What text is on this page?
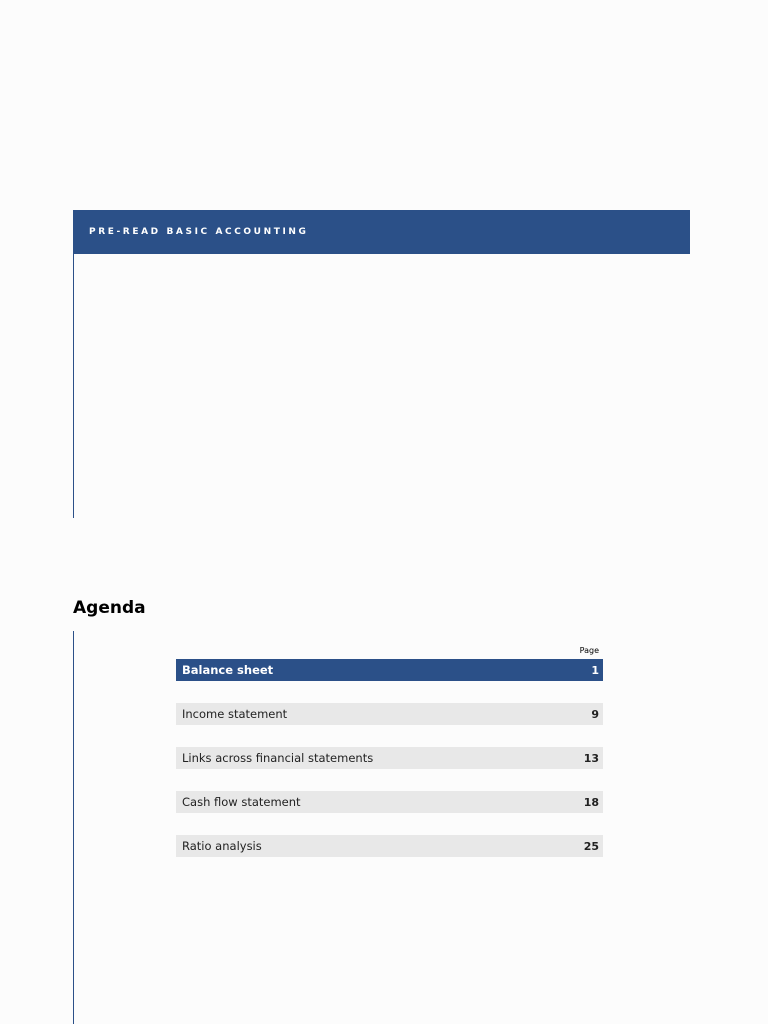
PRE-READ BASIC ACCOUNTING
Agenda
Page
Balance sheet	1
Income statement	9
Links across financial statements	13
Cash flow statement	18
Ratio analysis	25
